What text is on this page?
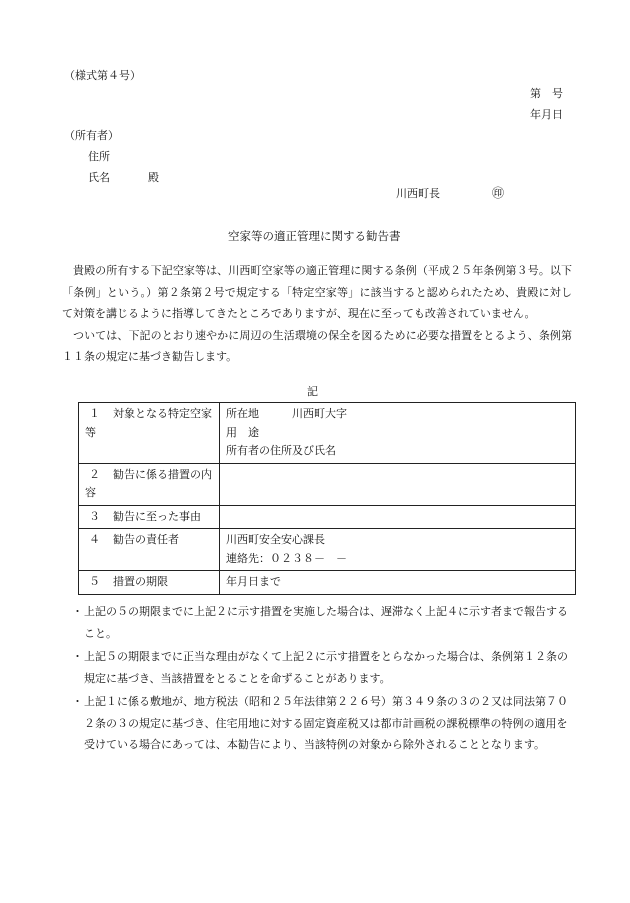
（様式第４号）
第　号
年月日
（所有者）
住所
氏名	殿
川西町長	㊞
空家等の適正管理に関する勧告書

貴殿の所有する下記空家等は、川西町空家等の適正管理に関する条例（平成２５年条例第３号。以下「条例」という。）第２条第２号で規定する「特定空家等」に該当すると認められたため、貴殿に対して対策を講じるように指導してきたところでありますが、現在に至っても改善されていません。

ついては、下記のとおり速やかに周辺の生活環境の保全を図るために必要な措置をとるよう、条例第１１条の規定に基づき勧告します。

記
１ 対象となる特定空家等	所在地　　　川西町大字
用　途
所有者の住所及び氏名

２ 勧告に係る措置の内容	

３ 勧告に至った事由	

４ 勧告の責任者	川西町安全安心課長
連絡先：０２３８－　－

５ 措置の期限	年月日まで
・ 上記の５の期限までに上記２に示す措置を実施した場合は、遅滞なく上記４に示す者まで報告すること。
・ 上記５の期限までに正当な理由がなくて上記２に示す措置をとらなかった場合は、条例第１２条の規定に基づき、当該措置をとることを命ずることがあります。
・ 上記１に係る敷地が、地方税法（昭和２５年法律第２２６号）第３４９条の３の２又は同法第７０２条の３の規定に基づき、住宅用地に対する固定資産税又は都市計画税の課税標準の特例の適用を受けている場合にあっては、本勧告により、当該特例の対象から除外されることとなります。
